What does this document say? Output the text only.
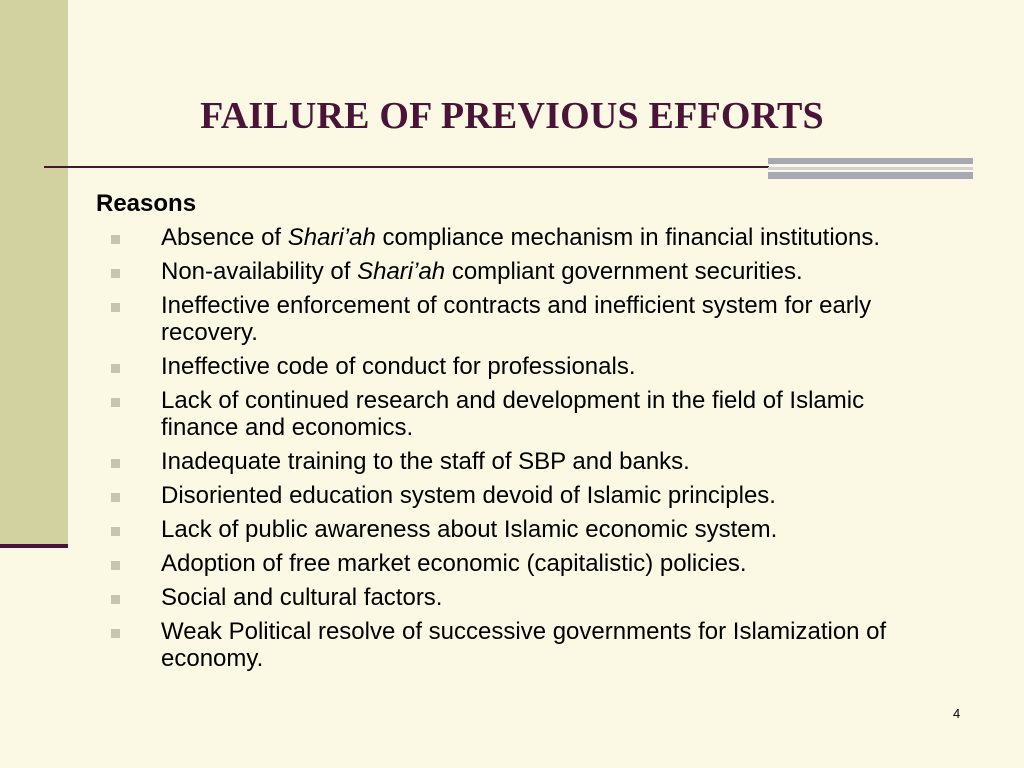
FAILURE OF PREVIOUS EFFORTS
Reasons
Absence of Shari’ah compliance mechanism in financial institutions.
Non-availability of Shari’ah compliant government securities.
Ineffective enforcement of contracts and inefficient system for early recovery.
Ineffective code of conduct for professionals.
Lack of continued research and development in the field of Islamic finance and economics.
Inadequate training to the staff of SBP and banks.
Disoriented education system devoid of Islamic principles.
Lack of public awareness about Islamic economic system.
Adoption of free market economic (capitalistic) policies.
Social and cultural factors.
Weak Political resolve of successive governments for Islamization of economy.
4
